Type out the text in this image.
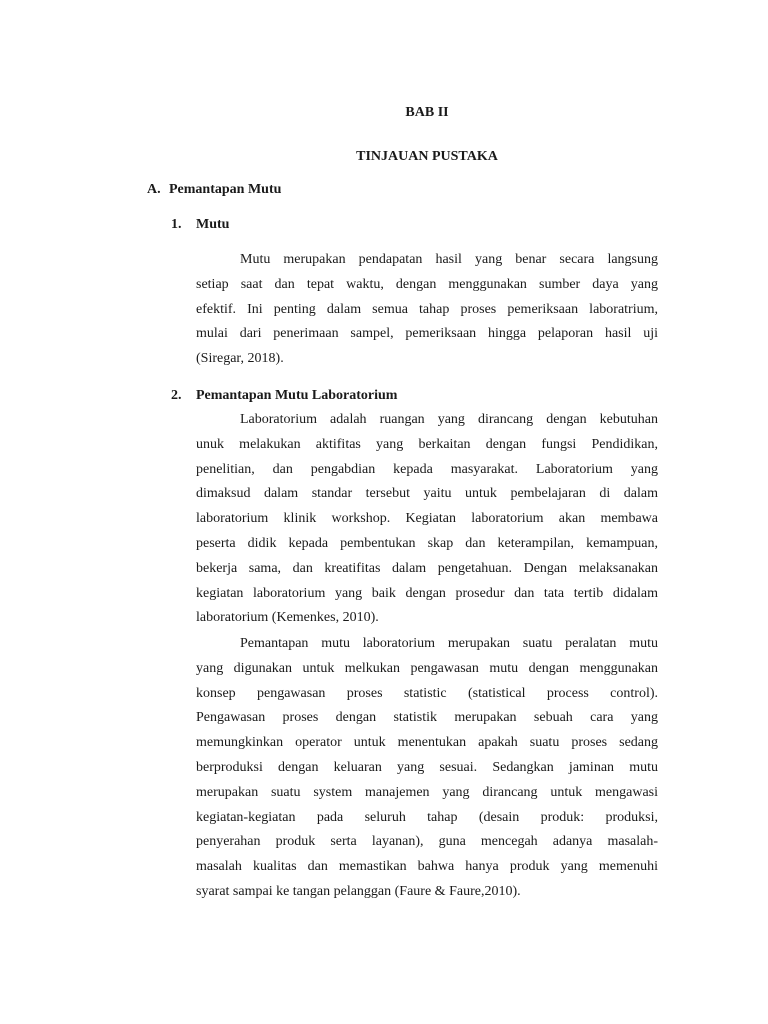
BAB II
TINJAUAN PUSTAKA
A. Pemantapan Mutu
1. Mutu
Mutu merupakan pendapatan hasil yang benar secara langsung
setiap saat dan tepat waktu, dengan menggunakan sumber daya yang
efektif. Ini penting dalam semua tahap proses pemeriksaan laboratrium,
mulai dari penerimaan sampel, pemeriksaan hingga pelaporan hasil uji
(Siregar, 2018).
2. Pemantapan Mutu Laboratorium
Laboratorium adalah ruangan yang dirancang dengan kebutuhan
unuk melakukan aktifitas yang berkaitan dengan fungsi Pendidikan,
penelitian, dan pengabdian kepada masyarakat. Laboratorium yang
dimaksud dalam standar tersebut yaitu untuk pembelajaran di dalam
laboratorium klinik workshop. Kegiatan laboratorium akan membawa
peserta didik kepada pembentukan skap dan keterampilan, kemampuan,
bekerja sama, dan kreatifitas dalam pengetahuan. Dengan melaksanakan
kegiatan laboratorium yang baik dengan prosedur dan tata tertib didalam
laboratorium (Kemenkes, 2010).
Pemantapan mutu laboratorium merupakan suatu peralatan mutu
yang digunakan untuk melkukan pengawasan mutu dengan menggunakan
konsep pengawasan proses statistic (statistical process control).
Pengawasan proses dengan statistik merupakan sebuah cara yang
memungkinkan operator untuk menentukan apakah suatu proses sedang
berproduksi dengan keluaran yang sesuai. Sedangkan jaminan mutu
merupakan suatu system manajemen yang dirancang untuk mengawasi
kegiatan-kegiatan pada seluruh tahap (desain produk: produksi,
penyerahan produk serta layanan), guna mencegah adanya masalah-
masalah kualitas dan memastikan bahwa hanya produk yang memenuhi
syarat sampai ke tangan pelanggan (Faure & Faure,2010).
